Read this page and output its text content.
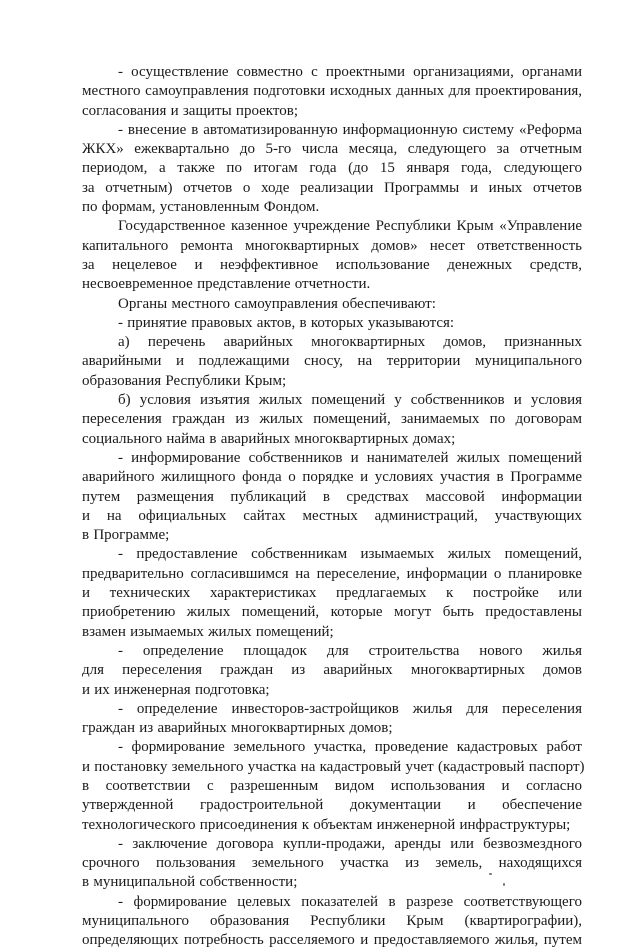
- осуществление совместно с проектными организациями, органами
местного самоуправления подготовки исходных данных для проектирования,
согласования и защиты проектов;

- внесение в автоматизированную информационную систему «Реформа
ЖКХ» ежеквартально до 5-го числа месяца, следующего за отчетным
периодом, а также по итогам года (до 15 января года, следующего
за отчетным) отчетов о ходе реализации Программы и иных отчетов
по формам, установленным Фондом.

Государственное казенное учреждение Республики Крым «Управление
капитального ремонта многоквартирных домов» несет ответственность
за нецелевое и неэффективное использование денежных средств,
несвоевременное представление отчетности.

Органы местного самоуправления обеспечивают:

- принятие правовых актов, в которых указываются:

а) перечень аварийных многоквартирных домов, признанных
аварийными и подлежащими сносу, на территории муниципального
образования Республики Крым;

б) условия изъятия жилых помещений у собственников и условия
переселения граждан из жилых помещений, занимаемых по договорам
социального найма в аварийных многоквартирных домах;

- информирование собственников и нанимателей жилых помещений
аварийного жилищного фонда о порядке и условиях участия в Программе
путем размещения публикаций в средствах массовой информации
и на официальных сайтах местных администраций, участвующих
в Программе;

- предоставление собственникам изымаемых жилых помещений,
предварительно согласившимся на переселение, информации о планировке
и технических характеристиках предлагаемых к постройке или
приобретению жилых помещений, которые могут быть предоставлены
взамен изымаемых жилых помещений;

- определение площадок для строительства нового жилья
для переселения граждан из аварийных многоквартирных домов
и их инженерная подготовка;

- определение инвесторов-застройщиков жилья для переселения
граждан из аварийных многоквартирных домов;

- формирование земельного участка, проведение кадастровых работ
и постановку земельного участка на кадастровый учет (кадастровый паспорт)
в соответствии с разрешенным видом использования и согласно
утвержденной градостроительной документации и обеспечение
технологического присоединения к объектам инженерной инфраструктуры;

- заключение договора купли-продажи, аренды или безвозмездного
срочного пользования земельного участка из земель, находящихся
в муниципальной собственности;

- формирование целевых показателей в разрезе соответствующего
муниципального образования Республики Крым (квартирографии),
определяющих потребность расселяемого и предоставляемого жилья, путем
